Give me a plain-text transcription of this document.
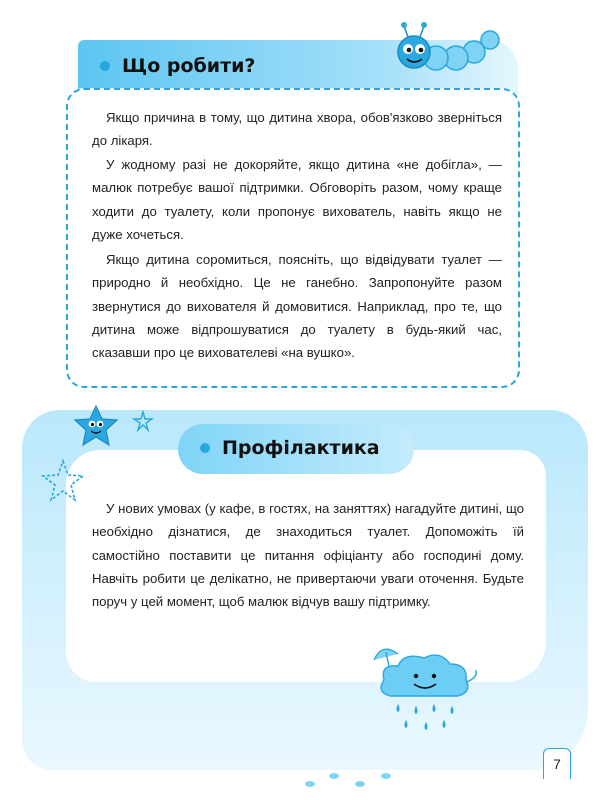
Що робити?

Якщо причина в тому, що дитина хвора, обов'язково зверніться до лікаря.

У жодному разі не докоряйте, якщо дитина «не добігла», — малюк потребує вашої підтримки. Обговоріть разом, чому краще ходити до туалету, коли пропонує вихователь, навіть якщо не дуже хочеться.

Якщо дитина соромиться, поясніть, що відвідувати туалет — природно й необхідно. Це не ганебно. Запропонуйте разом звернутися до вихователя й домовитися. Наприклад, про те, що дитина може відпрошуватися до туалету в будь-який час, сказавши про це вихователеві «на вушко».

Профілактика

У нових умовах (у кафе, в гостях, на заняттях) нагадуйте дитині, що необхідно дізнатися, де знаходиться туалет. Допоможіть їй самостійно поставити це питання офіціанту або господині дому. Навчіть робити це делікатно, не привертаючи уваги оточення. Будьте поруч у цей момент, щоб малюк відчув вашу підтримку.

7
